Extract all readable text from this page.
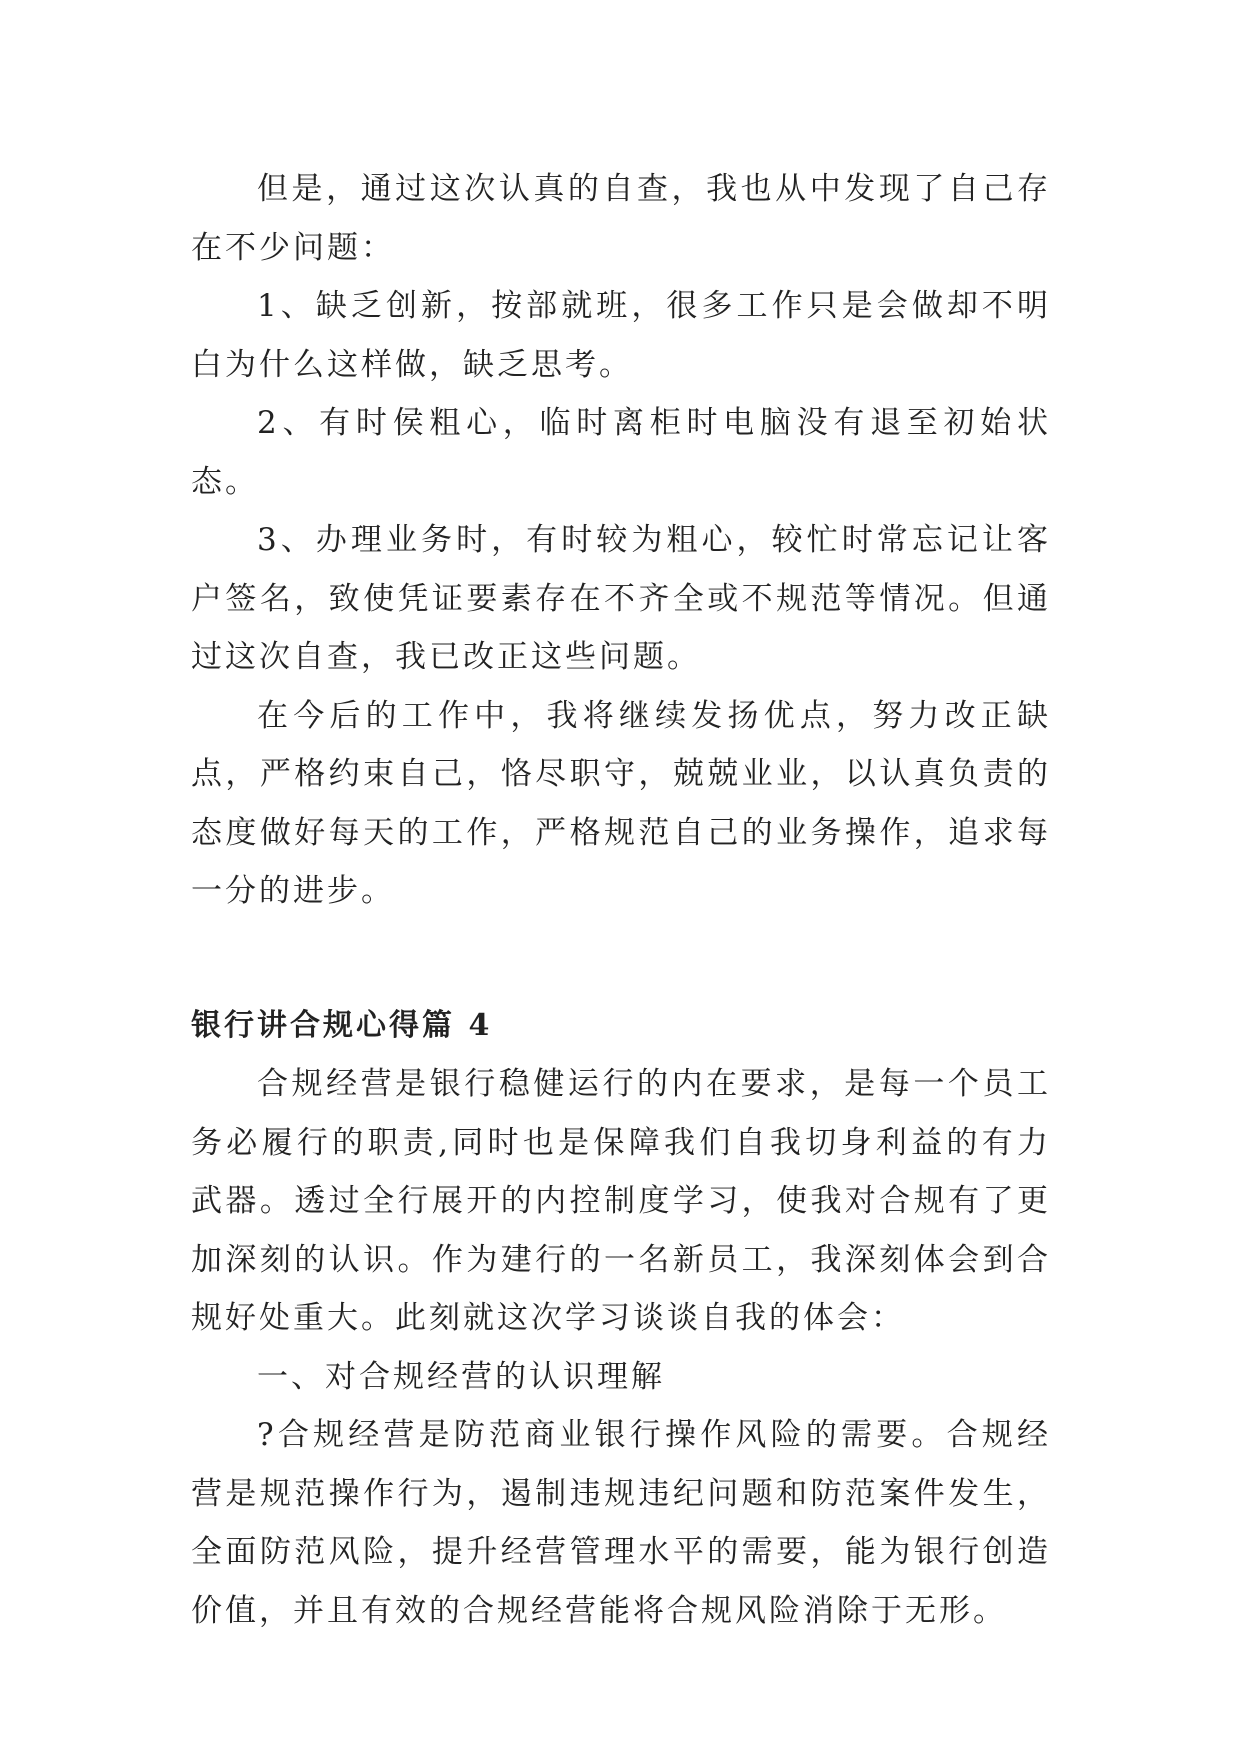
但是，通过这次认真的自查，我也从中发现了自己存在不少问题：

1、缺乏创新，按部就班，很多工作只是会做却不明白为什么这样做，缺乏思考。

2、有时侯粗心，临时离柜时电脑没有退至初始状态。

3、办理业务时，有时较为粗心，较忙时常忘记让客户签名，致使凭证要素存在不齐全或不规范等情况。但通过这次自查，我已改正这些问题。

在今后的工作中，我将继续发扬优点，努力改正缺点，严格约束自己，恪尽职守，兢兢业业，以认真负责的态度做好每天的工作，严格规范自己的业务操作，追求每一分的进步。

银行讲合规心得篇 4

合规经营是银行稳健运行的内在要求，是每一个员工务必履行的职责,同时也是保障我们自我切身利益的有力武器。透过全行展开的内控制度学习，使我对合规有了更加深刻的认识。作为建行的一名新员工，我深刻体会到合规好处重大。此刻就这次学习谈谈自我的体会：

一、对合规经营的认识理解

?合规经营是防范商业银行操作风险的需要。合规经营是规范操作行为，遏制违规违纪问题和防范案件发生，全面防范风险，提升经营管理水平的需要，能为银行创造价值，并且有效的合规经营能将合规风险消除于无形。
